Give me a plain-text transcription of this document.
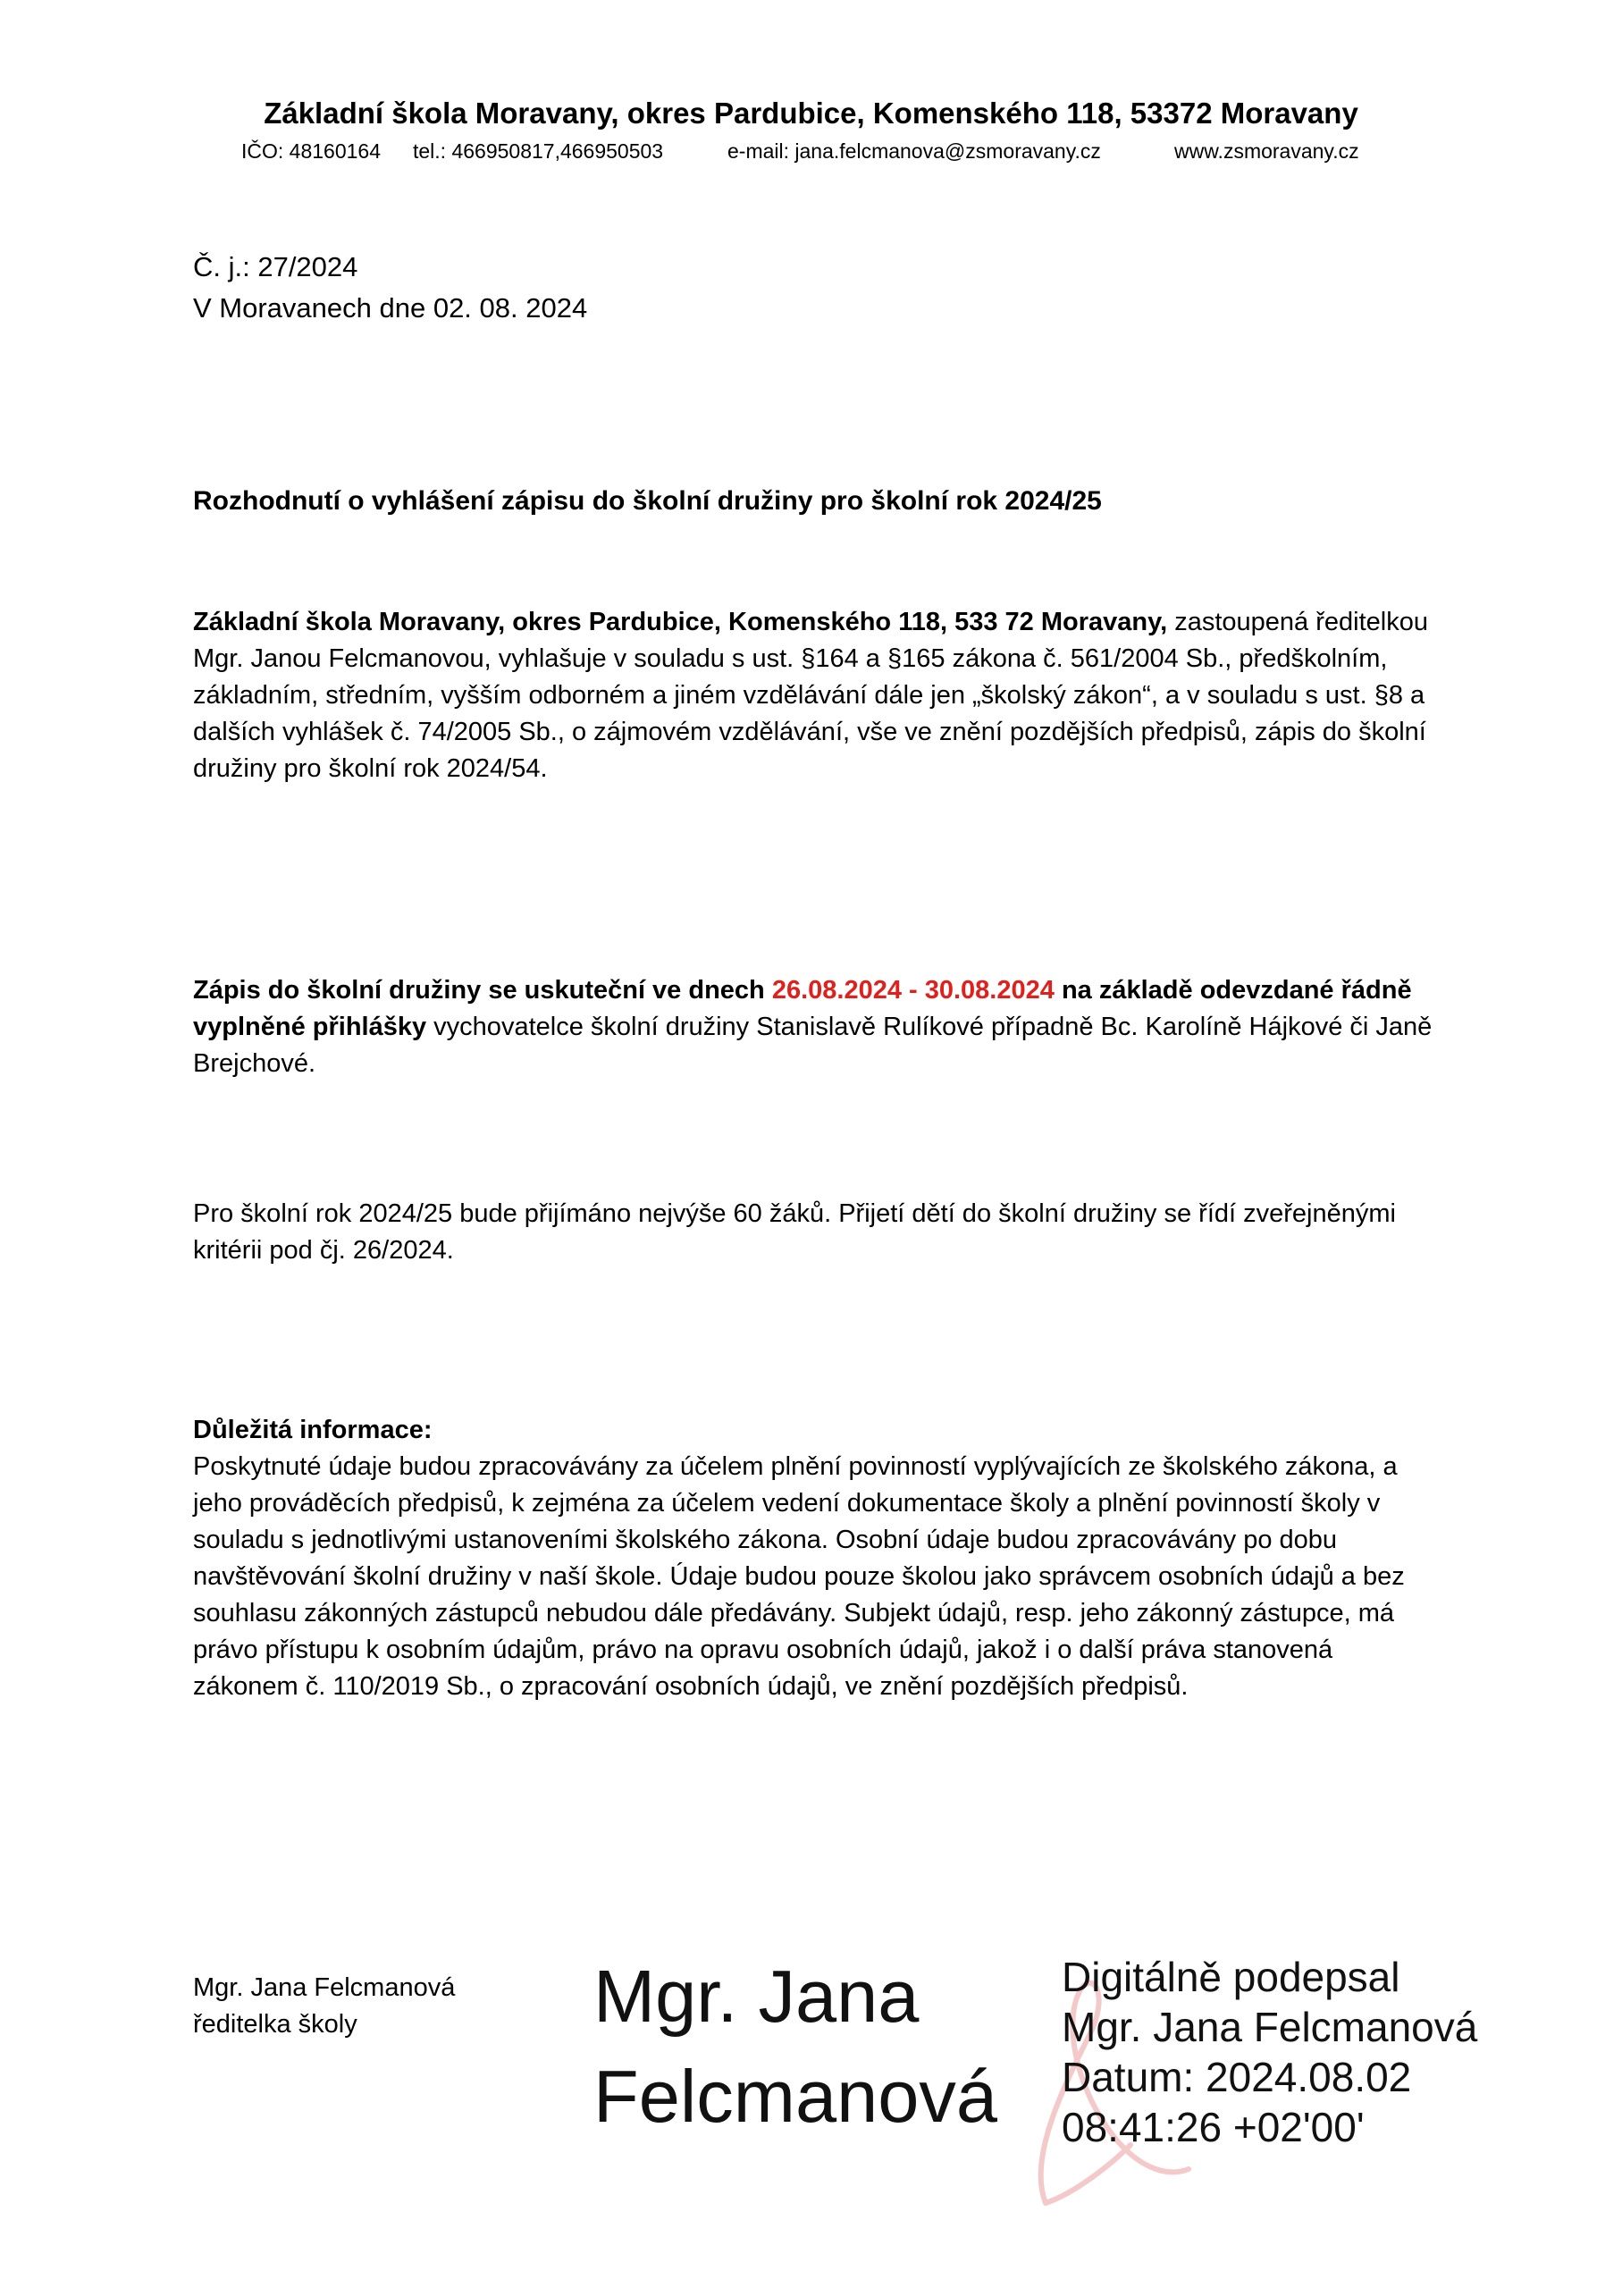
Základní škola Moravany, okres Pardubice, Komenského 118, 53372 Moravany
IČO: 48160164 tel.: 466950817,466950503	e-mail: jana.felcmanova@zsmoravany.cz	www.zsmoravany.cz
Č. j.: 27/2024
V Moravanech dne 02. 08. 2024
Rozhodnutí o vyhlášení zápisu do školní družiny pro školní rok 2024/25
Základní škola Moravany, okres Pardubice, Komenského 118, 533 72 Moravany, zastoupená ředitelkou Mgr. Janou Felcmanovou, vyhlašuje v souladu s ust. §164 a §165 zákona č. 561/2004 Sb., předškolním, základním, středním, vyšším odborném a jiném vzdělávání dále jen „školský zákon“, a v souladu s ust. §8 a dalších vyhlášek č. 74/2005 Sb., o zájmovém vzdělávání, vše ve znění pozdějších předpisů, zápis do školní družiny pro školní rok 2024/54.
Zápis do školní družiny se uskuteční ve dnech 26.08.2024 - 30.08.2024 na základě odevzdané řádně vyplněné přihlášky vychovatelce školní družiny Stanislavě Rulíkové případně Bc. Karolíně Hájkové či Janě Brejchové.
Pro školní rok 2024/25 bude přijímáno nejvýše 60 žáků. Přijetí dětí do školní družiny se řídí zveřejněnými kritérii pod čj. 26/2024.
Důležitá informace:
Poskytnuté údaje budou zpracovávány za účelem plnění povinností vyplývajících ze školského zákona, a jeho prováděcích předpisů, k zejména za účelem vedení dokumentace školy a plnění povinností školy v souladu s jednotlivými ustanoveními školského zákona. Osobní údaje budou zpracovávány po dobu navštěvování školní družiny v naší škole. Údaje budou pouze školou jako správcem osobních údajů a bez souhlasu zákonných zástupců nebudou dále předávány. Subjekt údajů, resp. jeho zákonný zástupce, má právo přístupu k osobním údajům, právo na opravu osobních údajů, jakož i o další práva stanovená zákonem č. 110/2019 Sb., o zpracování osobních údajů, ve znění pozdějších předpisů.
Mgr. Jana Felcmanová
ředitelka školy	Mgr. Jana
Felcmanová
Digitálně podepsal
Mgr. Jana Felcmanová
Datum: 2024.08.02
08:41:26 +02'00'
